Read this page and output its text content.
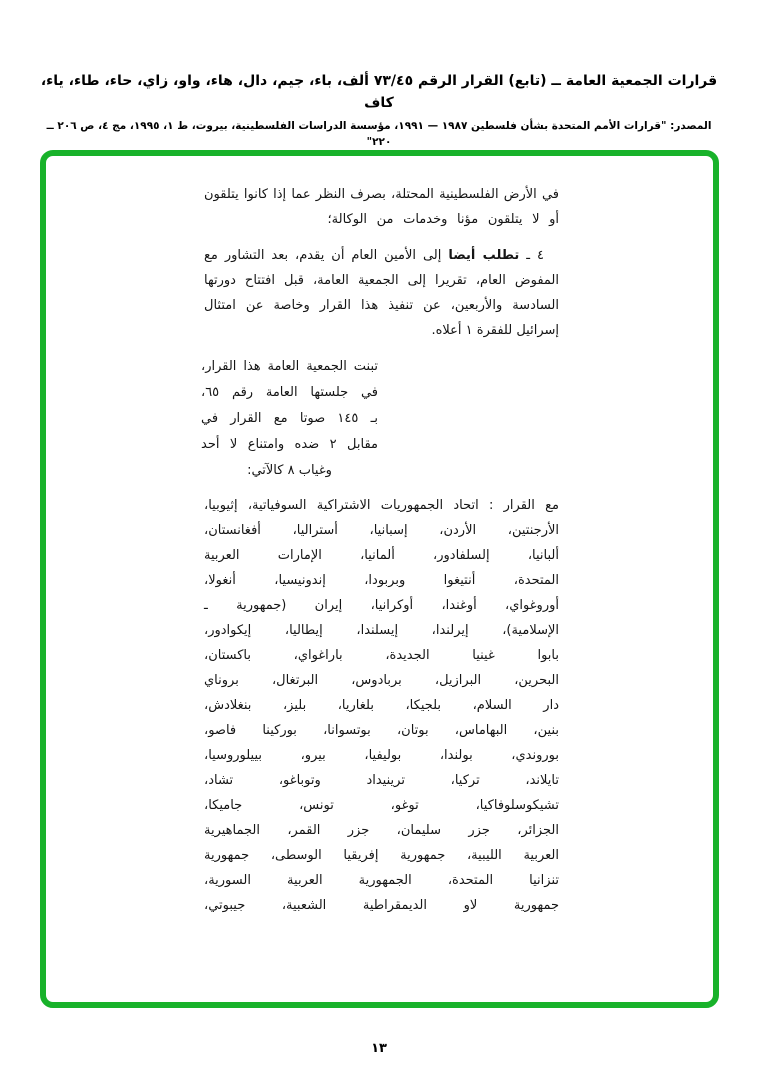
قرارات الجمعية العامة ــ (تابع) القرار الرقم ٧٣/٤٥ ألف، باء، جيم، دال، هاء، واو، زاي، حاء، طاء، ياء، كاف
المصدر: "قرارات الأمم المتحدة بشأن فلسطين ١٩٨٧ — ١٩٩١، مؤسسة الدراسات الفلسطينية، بيروت، ط ١، ١٩٩٥، مج ٤، ص ٢٠٦ ــ ٢٢٠"
في الأرض الفلسطينية المحتلة، بصرف النظر عما إذا كانوا يتلقون
أو لا يتلقون مؤنا وخدمات من الوكالة؛
٤ ـ تطلب أيضا إلى الأمين العام أن يقدم، بعد التشاور مع
المفوض العام، تقريرا إلى الجمعية العامة، قبل افتتاح دورتها
السادسة والأربعين، عن تنفيذ هذا القرار وخاصة عن امتثال
إسرائيل للفقرة ١ أعلاه.
تبنت الجمعية العامة هذا القرار،
في جلستها العامة رقم ٦٥،
بـ ١٤٥ صوتا مع القرار في
مقابل ٢ ضده وامتناع لا أحد
وغياب ٨ كالآتي:
مع القرار : اتحاد الجمهوريات الاشتراكية السوفياتية، إثيوبيا،
الأرجنتين، الأردن، إسبانيا، أستراليا، أفغانستان،
ألبانيا، إلسلفادور، ألمانيا، الإمارات العربية
المتحدة، أنتيغوا وبربودا، إندونيسيا، أنغولا،
أوروغواي، أوغندا، أوكرانيا، إيران (جمهورية ـ
الإسلامية)، إيرلندا، إيسلندا، إيطاليا، إيكوادور،
بابوا غينيا الجديدة، باراغواي، باكستان،
البحرين، البرازيل، بربادوس، البرتغال، بروناي
دار السلام، بلجيكا، بلغاريا، بليز، بنغلادش،
بنين، البهاماس، بوتان، بوتسوانا، بوركينا فاصو،
بوروندي، بولندا، بوليفيا، بيرو، بييلوروسيا،
تايلاند، تركيا، ترينيداد وتوباغو، تشاد،
تشيكوسلوفاكيا، توغو، تونس، جاميكا،
الجزائر، جزر سليمان، جزر القمر، الجماهيرية
العربية الليبية، جمهورية إفريقيا الوسطى، جمهورية
تنزانيا المتحدة، الجمهورية العربية السورية،
جمهورية لاو الديمقراطية الشعبية، جيبوتي،
١٣
